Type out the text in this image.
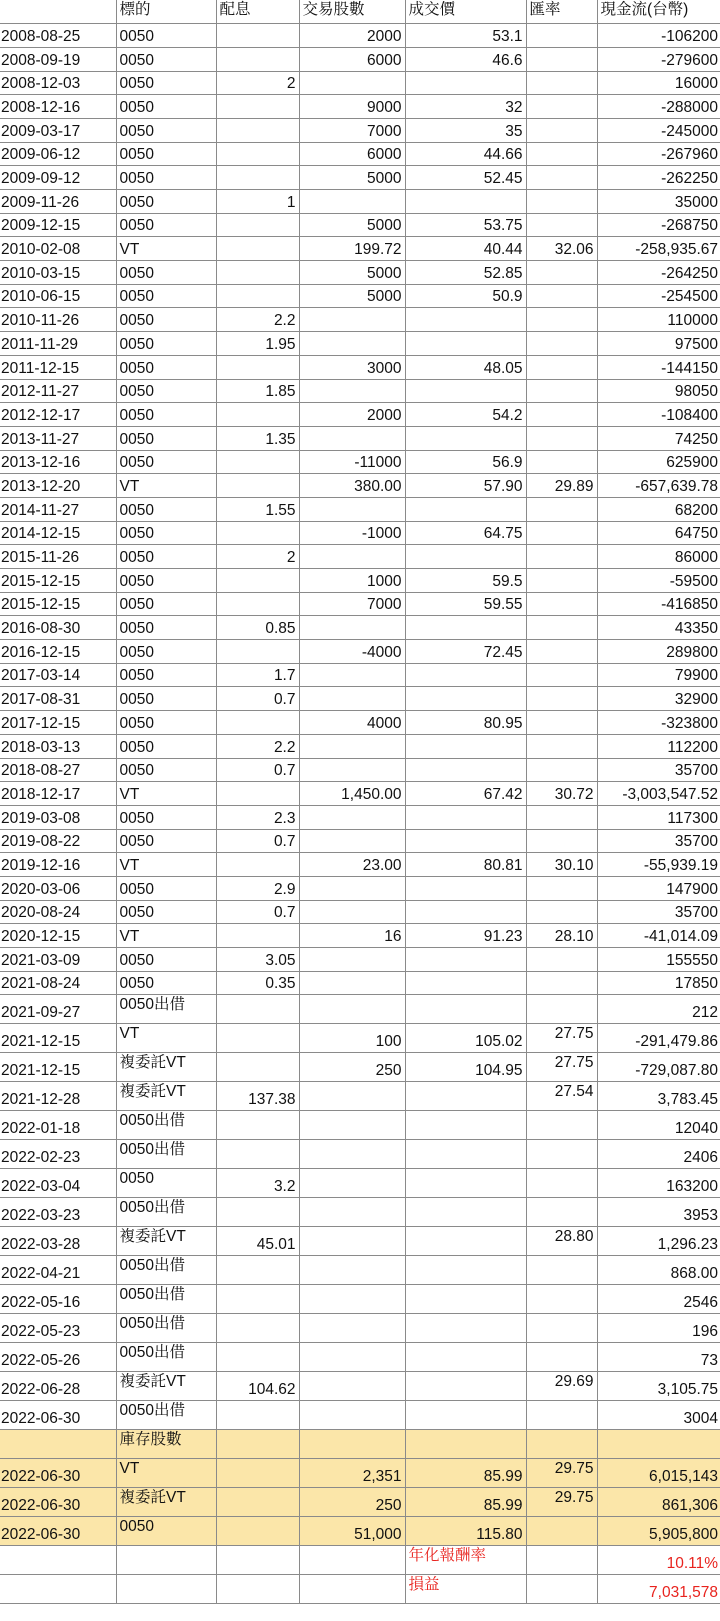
	標的	配息	交易股數	成交價	匯率	現金流(台幣)
2008-08-25	0050		2000	53.1		-106200
2008-09-19	0050		6000	46.6		-279600
2008-12-03	0050	2				16000
2008-12-16	0050		9000	32		-288000
2009-03-17	0050		7000	35		-245000
2009-06-12	0050		6000	44.66		-267960
2009-09-12	0050		5000	52.45		-262250
2009-11-26	0050	1				35000
2009-12-15	0050		5000	53.75		-268750
2010-02-08	VT		199.72	40.44	32.06	-258,935.67
2010-03-15	0050		5000	52.85		-264250
2010-06-15	0050		5000	50.9		-254500
2010-11-26	0050	2.2				110000
2011-11-29	0050	1.95				97500
2011-12-15	0050		3000	48.05		-144150
2012-11-27	0050	1.85				98050
2012-12-17	0050		2000	54.2		-108400
2013-11-27	0050	1.35				74250
2013-12-16	0050		-11000	56.9		625900
2013-12-20	VT		380.00	57.90	29.89	-657,639.78
2014-11-27	0050	1.55				68200
2014-12-15	0050		-1000	64.75		64750
2015-11-26	0050	2				86000
2015-12-15	0050		1000	59.5		-59500
2015-12-15	0050		7000	59.55		-416850
2016-08-30	0050	0.85				43350
2016-12-15	0050		-4000	72.45		289800
2017-03-14	0050	1.7				79900
2017-08-31	0050	0.7				32900
2017-12-15	0050		4000	80.95		-323800
2018-03-13	0050	2.2				112200
2018-08-27	0050	0.7				35700
2018-12-17	VT		1,450.00	67.42	30.72	-3,003,547.52
2019-03-08	0050	2.3				117300
2019-08-22	0050	0.7				35700
2019-12-16	VT		23.00	80.81	30.10	-55,939.19
2020-03-06	0050	2.9				147900
2020-08-24	0050	0.7				35700
2020-12-15	VT		16	91.23	28.10	-41,014.09
2021-03-09	0050	3.05				155550
2021-08-24	0050	0.35				17850
2021-09-27	0050出借					212
2021-12-15	VT		100	105.02	27.75	-291,479.86
2021-12-15	複委託VT		250	104.95	27.75	-729,087.80
2021-12-28	複委託VT	137.38			27.54	3,783.45
2022-01-18	0050出借					12040
2022-02-23	0050出借					2406
2022-03-04	0050	3.2				163200
2022-03-23	0050出借					3953
2022-03-28	複委託VT	45.01			28.80	1,296.23
2022-04-21	0050出借					868.00
2022-05-16	0050出借					2546
2022-05-23	0050出借					196
2022-05-26	0050出借					73
2022-06-28	複委託VT	104.62			29.69	3,105.75
2022-06-30	0050出借					3004
	庫存股數					
2022-06-30	VT		2,351	85.99	29.75	6,015,143
2022-06-30	複委託VT		250	85.99	29.75	861,306
2022-06-30	0050		51,000	115.80		5,905,800
				年化報酬率		10.11%
				損益		7,031,578
